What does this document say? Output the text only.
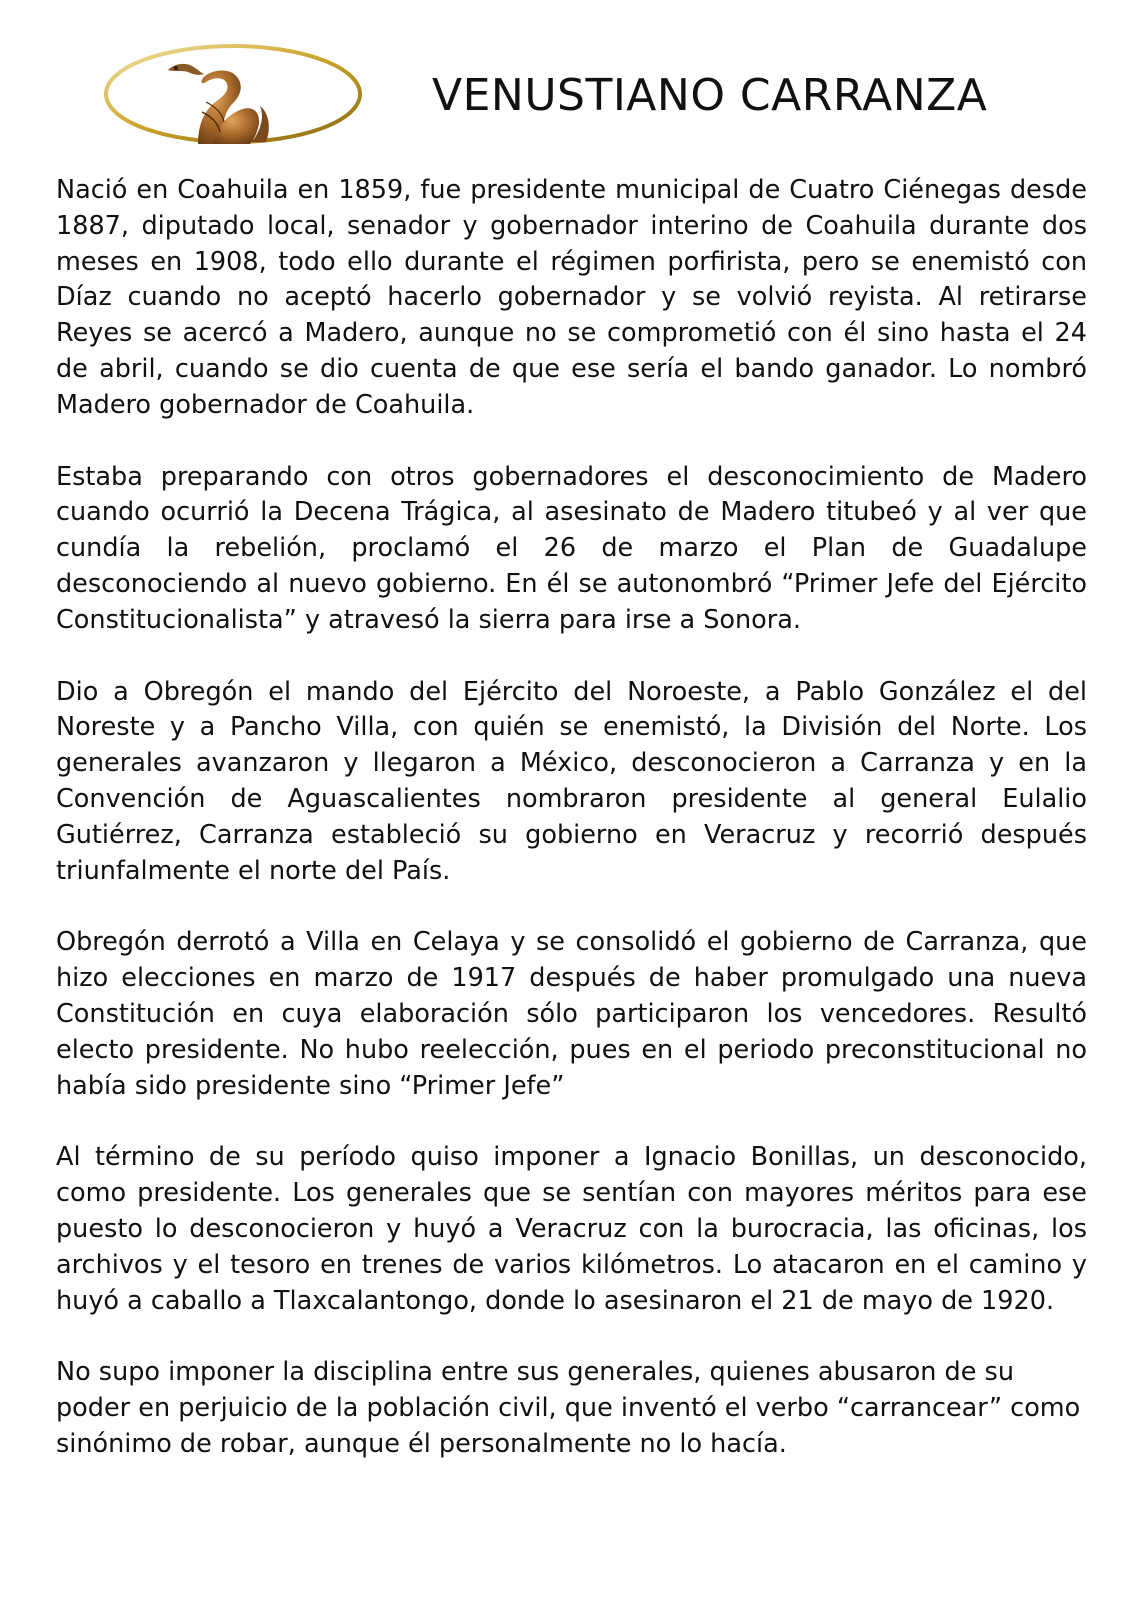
VENUSTIANO CARRANZA

Nació en Coahuila en 1859, fue presidente municipal de Cuatro Ciénegas desde 1887, diputado local, senador y gobernador interino de Coahuila durante dos meses en 1908, todo ello durante el régimen porfirista, pero se enemistó con Díaz cuando no aceptó hacerlo gobernador y se volvió reyista. Al retirarse Reyes se acercó a Madero, aunque no se comprometió con él sino hasta el 24 de abril, cuando se dio cuenta de que ese sería el bando ganador. Lo nombró Madero gobernador de Coahuila.

Estaba preparando con otros gobernadores el desconocimiento de Madero cuando ocurrió la Decena Trágica, al asesinato de Madero titubeó y al ver que cundía la rebelión, proclamó el 26 de marzo el Plan de Guadalupe desconociendo al nuevo gobierno. En él se autonombró “Primer Jefe del Ejército Constitucionalista” y atravesó la sierra para irse a Sonora.

Dio a Obregón el mando del Ejército del Noroeste, a Pablo González el del Noreste y a Pancho Villa, con quién se enemistó, la División del Norte. Los generales avanzaron y llegaron a México, desconocieron a Carranza y en la Convención de Aguascalientes nombraron presidente al general Eulalio Gutiérrez, Carranza estableció su gobierno en Veracruz y recorrió después triunfalmente el norte del País.

Obregón derrotó a Villa en Celaya y se consolidó el gobierno de Carranza, que hizo elecciones en marzo de 1917 después de haber promulgado una nueva Constitución en cuya elaboración sólo participaron los vencedores. Resultó electo presidente. No hubo reelección, pues en el periodo preconstitucional no había sido presidente sino “Primer Jefe”

Al término de su período quiso imponer a Ignacio Bonillas, un desconocido, como presidente. Los generales que se sentían con mayores méritos para ese puesto lo desconocieron y huyó a Veracruz con la burocracia, las oficinas, los archivos y el tesoro en trenes de varios kilómetros. Lo atacaron en el camino y huyó a caballo a Tlaxcalantongo, donde lo asesinaron el 21 de mayo de 1920.

No supo imponer la disciplina entre sus generales, quienes abusaron de su poder en perjuicio de la población civil, que inventó el verbo “carrancear” como sinónimo de robar, aunque él personalmente no lo hacía.
